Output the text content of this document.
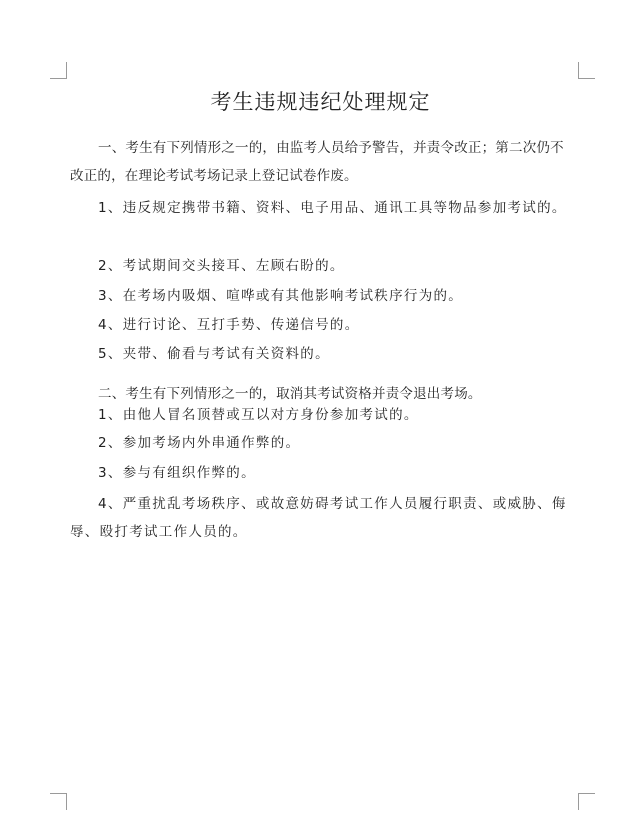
考生违规违纪处理规定

一、考生有下列情形之一的，由监考人员给予警告，并责令改正；第二次仍不改正的，在理论考试考场记录上登记试卷作废。

1、违反规定携带书籍、资料、电子用品、通讯工具等物品参加考试的。

2、考试期间交头接耳、左顾右盼的。

3、在考场内吸烟、喧哗或有其他影响考试秩序行为的。

4、进行讨论、互打手势、传递信号的。

5、夹带、偷看与考试有关资料的。

二、考生有下列情形之一的，取消其考试资格并责令退出考场。

1、由他人冒名顶替或互以对方身份参加考试的。

2、参加考场内外串通作弊的。

3、参与有组织作弊的。

4、严重扰乱考场秩序、或故意妨碍考试工作人员履行职责、或威胁、侮辱、殴打考试工作人员的。
